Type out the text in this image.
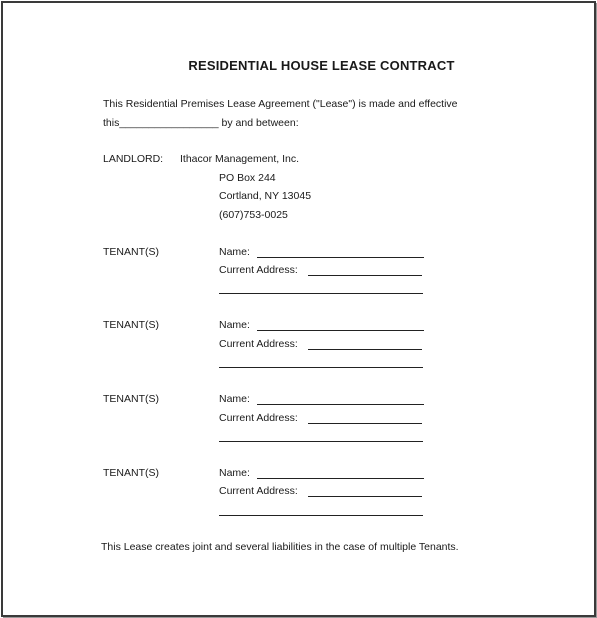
RESIDENTIAL HOUSE LEASE CONTRACT
This Residential Premises Lease Agreement ("Lease") is made and effective
this_________________ by and between:
LANDLORD: Ithacor Management, Inc.
PO Box 244
Cortland, NY 13045
(607)753-0025
TENANT(S)	Name:
Current Address:
TENANT(S)	Name:
Current Address:
TENANT(S)	Name:
Current Address:
TENANT(S)	Name:
Current Address:
This Lease creates joint and several liabilities in the case of multiple Tenants.
